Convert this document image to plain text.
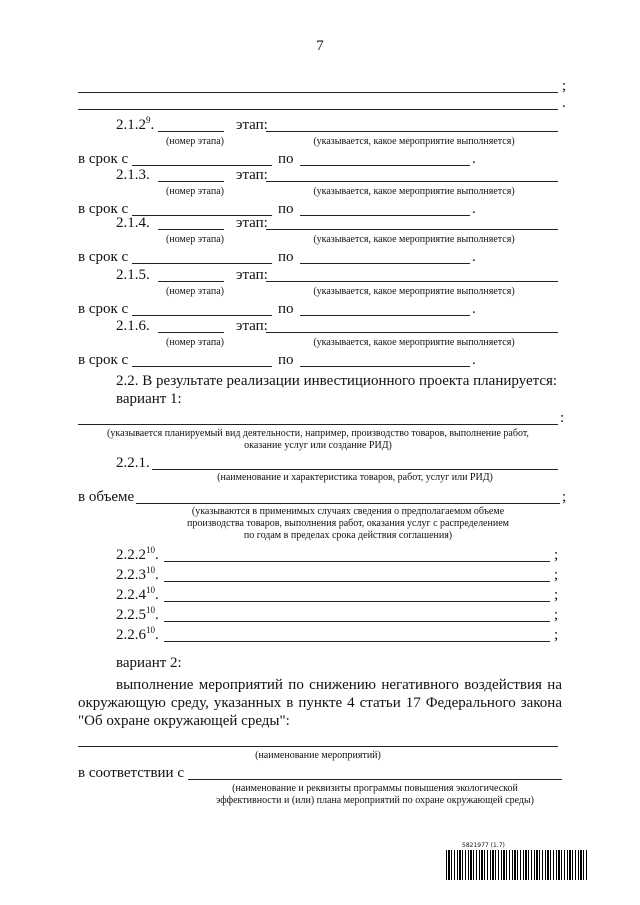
7
;
.
2.1.2$^9$.	этап:
(номер этапа)	(указывается, какое мероприятие выполняется)
в срок с	по	.
2.1.3.	этап:
(номер этапа)	(указывается, какое мероприятие выполняется)
в срок с	по	.
2.1.4.	этап:
(номер этапа)	(указывается, какое мероприятие выполняется)
в срок с	по	.
2.1.5.	этап:
(номер этапа)	(указывается, какое мероприятие выполняется)
в срок с	по	.
2.1.6.	этап:
(номер этапа)	(указывается, какое мероприятие выполняется)
в срок с	по	.
2.2. В результате реализации инвестиционного проекта планируется:
вариант 1:
:
(указывается планируемый вид деятельности, например, производство товаров, выполнение работ,
оказание услуг или создание РИД)
2.2.1.
(наименование и характеристика товаров, работ, услуг или РИД)
в объеме	;
(указываются в применимых случаях сведения о предполагаемом объеме
производства товаров, выполнения работ, оказания услуг с распределением
по годам в пределах срока действия соглашения)
2.2.2$^{10}$.	;
2.2.3$^{10}$.	;
2.2.4$^{10}$.	;
2.2.5$^{10}$.	;
2.2.6$^{10}$.	;
вариант 2:
выполнение мероприятий по снижению негативного воздействия на окружающую среду, указанных в пункте 4 статьи 17 Федерального закона "Об охране окружающей среды":
(наименование мероприятий)
в соответствии с
(наименование и реквизиты программы повышения экологической
эффективности и (или) плана мероприятий по охране окружающей среды)
5821977 (1.7)
